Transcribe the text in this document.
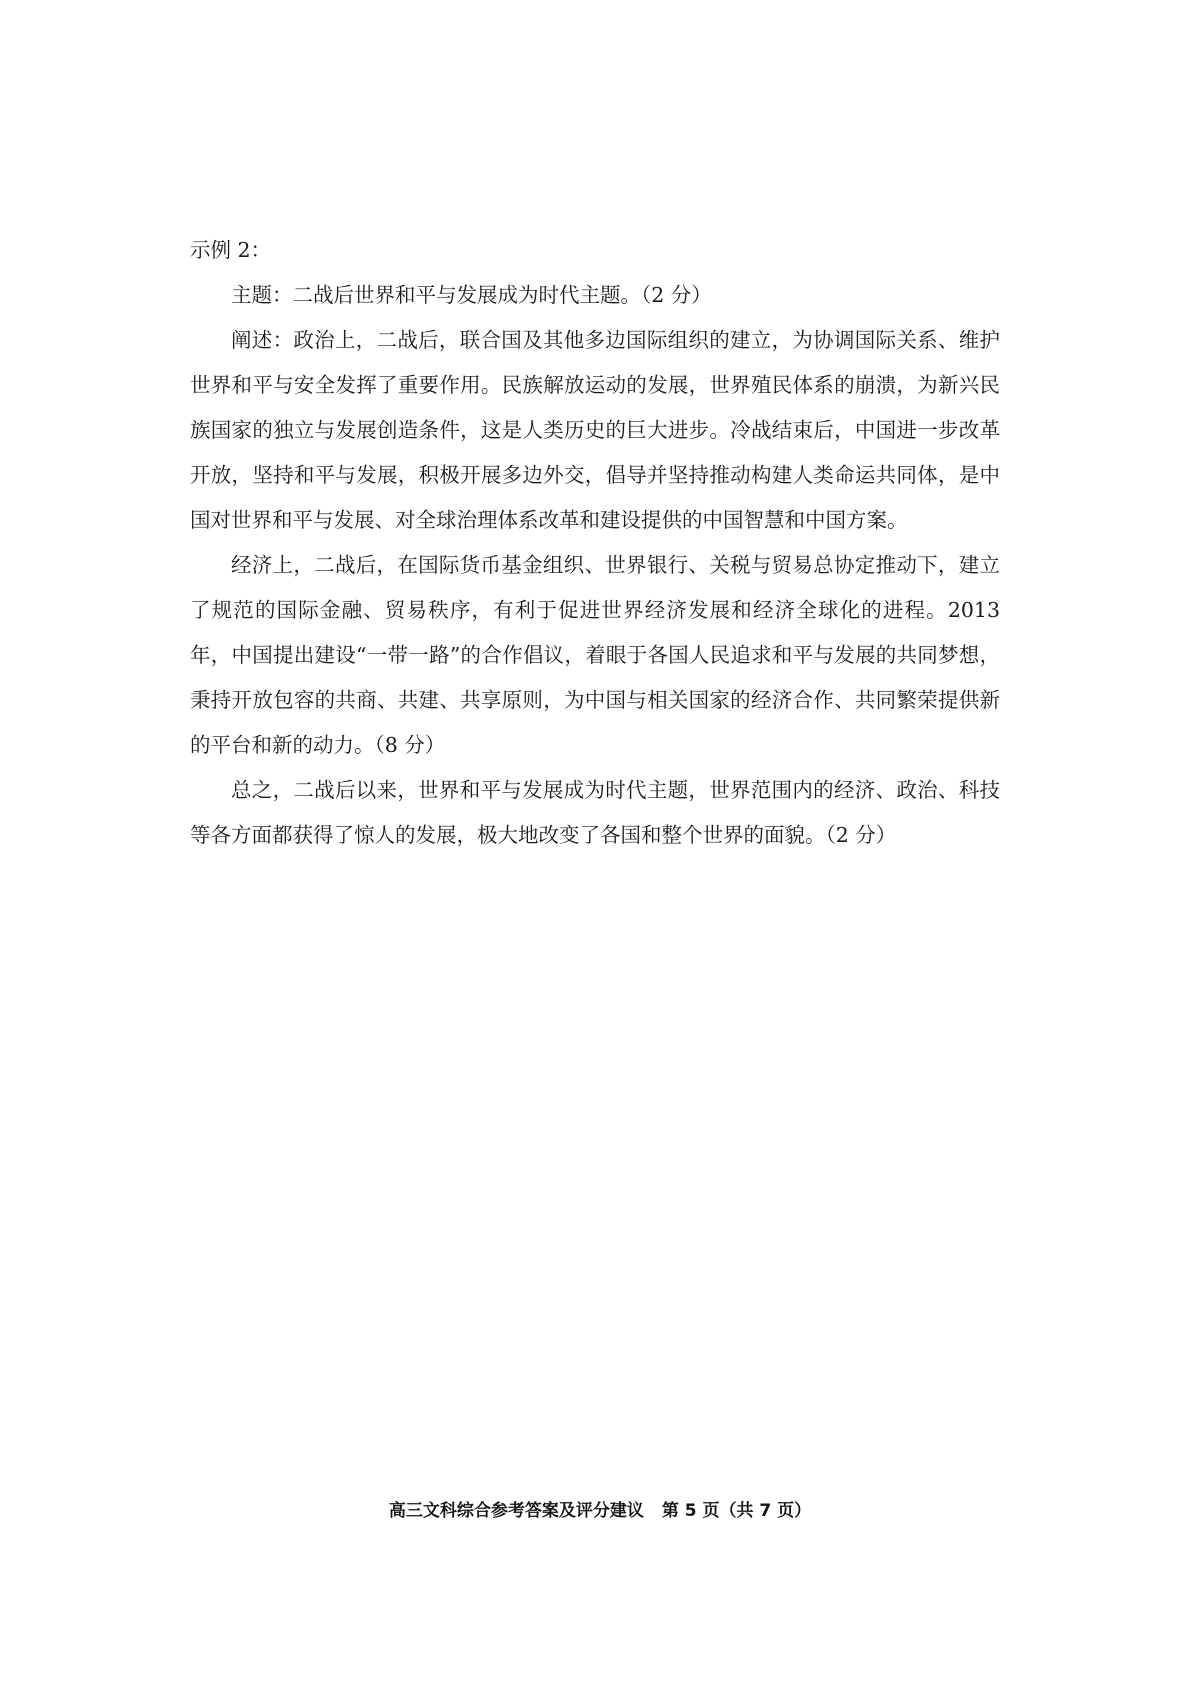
示例 2：

主题：二战后世界和平与发展成为时代主题。（2 分）

阐述：政治上，二战后，联合国及其他多边国际组织的建立，为协调国际关系、维护世界和平与安全发挥了重要作用。民族解放运动的发展，世界殖民体系的崩溃，为新兴民族国家的独立与发展创造条件，这是人类历史的巨大进步。冷战结束后，中国进一步改革开放，坚持和平与发展，积极开展多边外交，倡导并坚持推动构建人类命运共同体，是中国对世界和平与发展、对全球治理体系改革和建设提供的中国智慧和中国方案。

经济上，二战后，在国际货币基金组织、世界银行、关税与贸易总协定推动下，建立了规范的国际金融、贸易秩序，有利于促进世界经济发展和经济全球化的进程。2013 年，中国提出建设“一带一路”的合作倡议，着眼于各国人民追求和平与发展的共同梦想，秉持开放包容的共商、共建、共享原则，为中国与相关国家的经济合作、共同繁荣提供新的平台和新的动力。（8 分）

总之，二战后以来，世界和平与发展成为时代主题，世界范围内的经济、政治、科技等各方面都获得了惊人的发展，极大地改变了各国和整个世界的面貌。（2 分）

高三文科综合参考答案及评分建议 第 5 页（共 7 页）
